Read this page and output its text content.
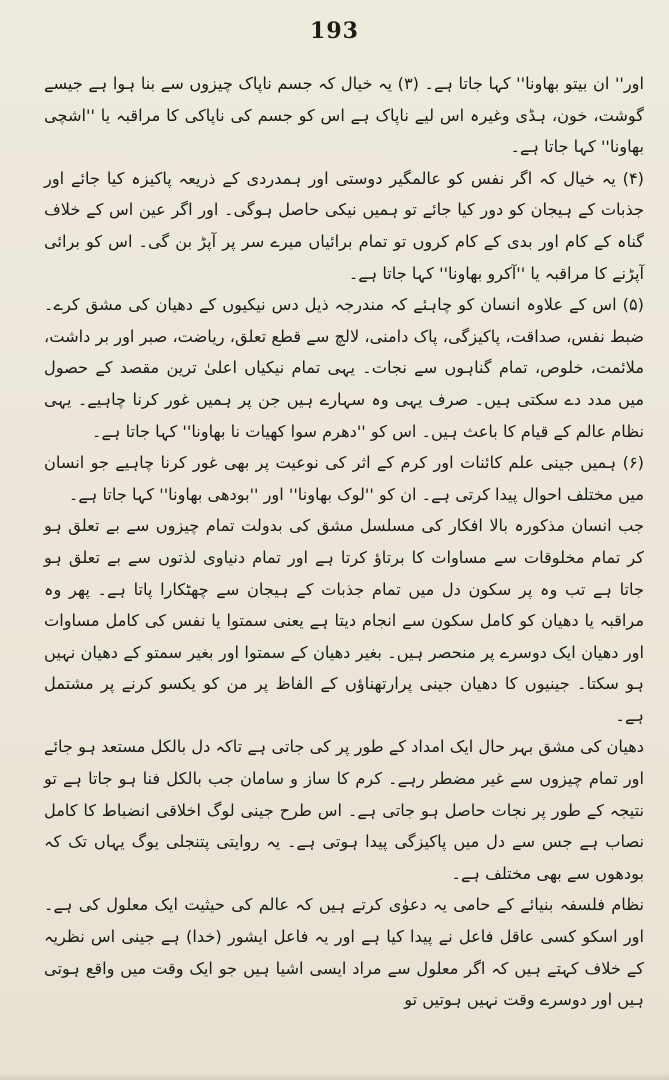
193

اور'' ان بیتو بھاونا'' کہا جاتا ہے۔ (۳) یہ خیال کہ جسم ناپاک چیزوں سے بنا ہوا ہے جیسے گوشت، خون، ہڈی وغیرہ اس لیے ناپاک ہے اس کو جسم کی ناپاکی کا مراقبہ یا ''اشچی بھاونا'' کہا جاتا ہے۔

(۴) یہ خیال کہ اگر نفس کو عالمگیر دوستی اور ہمدردی کے ذریعہ پاکیزہ کیا جائے اور جذبات کے ہیجان کو دور کیا جائے تو ہمیں نیکی حاصل ہوگی۔ اور اگر عین اس کے خلاف گناہ کے کام اور بدی کے کام کروں تو تمام برائیاں میرے سر پر آپڑ بن گی۔ اس کو برائی آپڑنے کا مراقبہ یا ''آکرو بھاونا'' کہا جاتا ہے۔

(۵) اس کے علاوہ انسان کو چاہئے کہ مندرجہ ذیل دس نیکیوں کے دھیان کی مشق کرے۔ ضبط نفس، صداقت، پاکیزگی، پاک دامنی، لالچ سے قطع تعلق، ریاضت، صبر اور بر داشت، ملائمت، خلوص، تمام گناہوں سے نجات۔ یہی تمام نیکیاں اعلیٰ ترین مقصد کے حصول میں مدد دے سکتی ہیں۔ صرف یہی وہ سہارے ہیں جن پر ہمیں غور کرنا چاہیے۔ یہی نظام عالم کے قیام کا باعث ہیں۔ اس کو ''دھرم سوا کھیات نا بھاونا'' کہا جاتا ہے۔

(۶) ہمیں جینی علم کائنات اور کرم کے اثر کی نوعیت پر بھی غور کرنا چاہیے جو انسان میں مختلف احوال پیدا کرتی ہے۔ ان کو ''لوک بھاونا'' اور ''بودھی بھاونا'' کہا جاتا ہے۔

جب انسان مذکورہ بالا افکار کی مسلسل مشق کی بدولت تمام چیزوں سے بے تعلق ہو کر تمام مخلوقات سے مساوات کا برتاؤ کرتا ہے اور تمام دنیاوی لذتوں سے بے تعلق ہو جاتا ہے تب وہ پر سکون دل میں تمام جذبات کے ہیجان سے چھٹکارا پاتا ہے۔ پھر وہ مراقبہ یا دھیان کو کامل سکون سے انجام دیتا ہے یعنی سمتوا یا نفس کی کامل مساوات اور دھیان ایک دوسرے پر منحصر ہیں۔ بغیر دھیان کے سمتوا اور بغیر سمتو کے دھیان نہیں ہو سکتا۔ جینیوں کا دھیان جینی پرارتھناؤں کے الفاظ پر من کو یکسو کرنے پر مشتمل ہے۔

دھیان کی مشق بہر حال ایک امداد کے طور پر کی جاتی ہے تاکہ دل بالکل مستعد ہو جائے اور تمام چیزوں سے غیر مضطر رہے۔ کرم کا ساز و سامان جب بالکل فنا ہو جاتا ہے تو نتیجہ کے طور پر نجات حاصل ہو جاتی ہے۔ اس طرح جینی لوگ اخلاقی انضباط کا کامل نصاب ہے جس سے دل میں پاکیزگی پیدا ہوتی ہے۔ یہ روایتی پتنجلی یوگ یہاں تک کہ بودھوں سے بھی مختلف ہے۔

نظام فلسفہ بنیائے کے حامی یہ دعوٰی کرتے ہیں کہ عالم کی حیثیت ایک معلول کی ہے۔ اور اسکو کسی عاقل فاعل نے پیدا کیا ہے اور یہ فاعل ایشور (خدا) ہے جینی اس نظریہ کے خلاف کہتے ہیں کہ اگر معلول سے مراد ایسی اشیا ہیں جو ایک وقت میں واقع ہوتی ہیں اور دوسرے وقت نہیں ہوتیں تو
